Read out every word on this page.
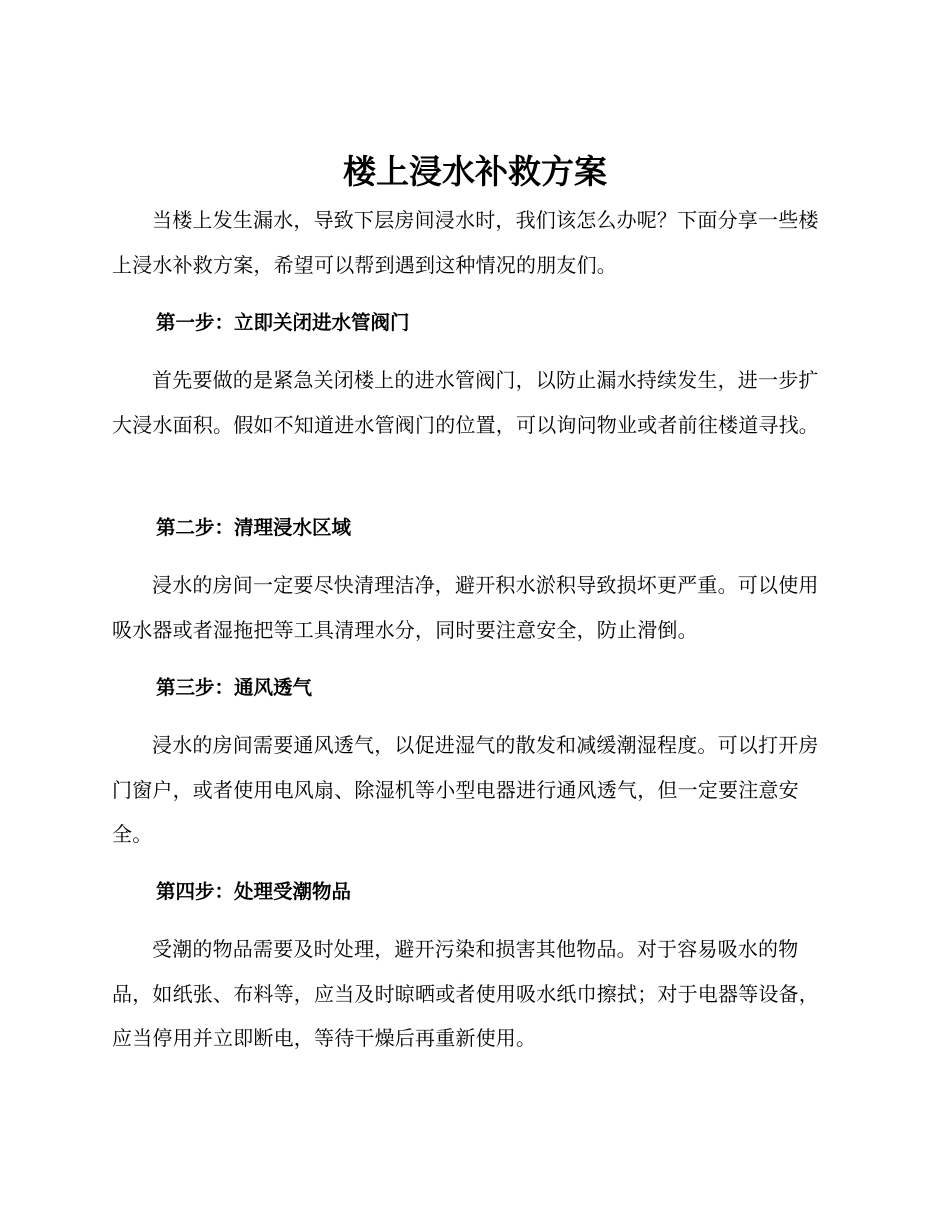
楼上浸水补救方案

当楼上发生漏水，导致下层房间浸水时，我们该怎么办呢？下面分享一些楼上浸水补救方案，希望可以帮到遇到这种情况的朋友们。

第一步：立即关闭进水管阀门

首先要做的是紧急关闭楼上的进水管阀门，以防止漏水持续发生，进一步扩大浸水面积。假如不知道进水管阀门的位置，可以询问物业或者前往楼道寻找。

第二步：清理浸水区域

浸水的房间一定要尽快清理洁净，避开积水淤积导致损坏更严重。可以使用吸水器或者湿拖把等工具清理水分，同时要注意安全，防止滑倒。

第三步：通风透气

浸水的房间需要通风透气，以促进湿气的散发和减缓潮湿程度。可以打开房门窗户，或者使用电风扇、除湿机等小型电器进行通风透气，但一定要注意安全。

第四步：处理受潮物品

受潮的物品需要及时处理，避开污染和损害其他物品。对于容易吸水的物品，如纸张、布料等，应当及时晾晒或者使用吸水纸巾擦拭；对于电器等设备，应当停用并立即断电，等待干燥后再重新使用。
